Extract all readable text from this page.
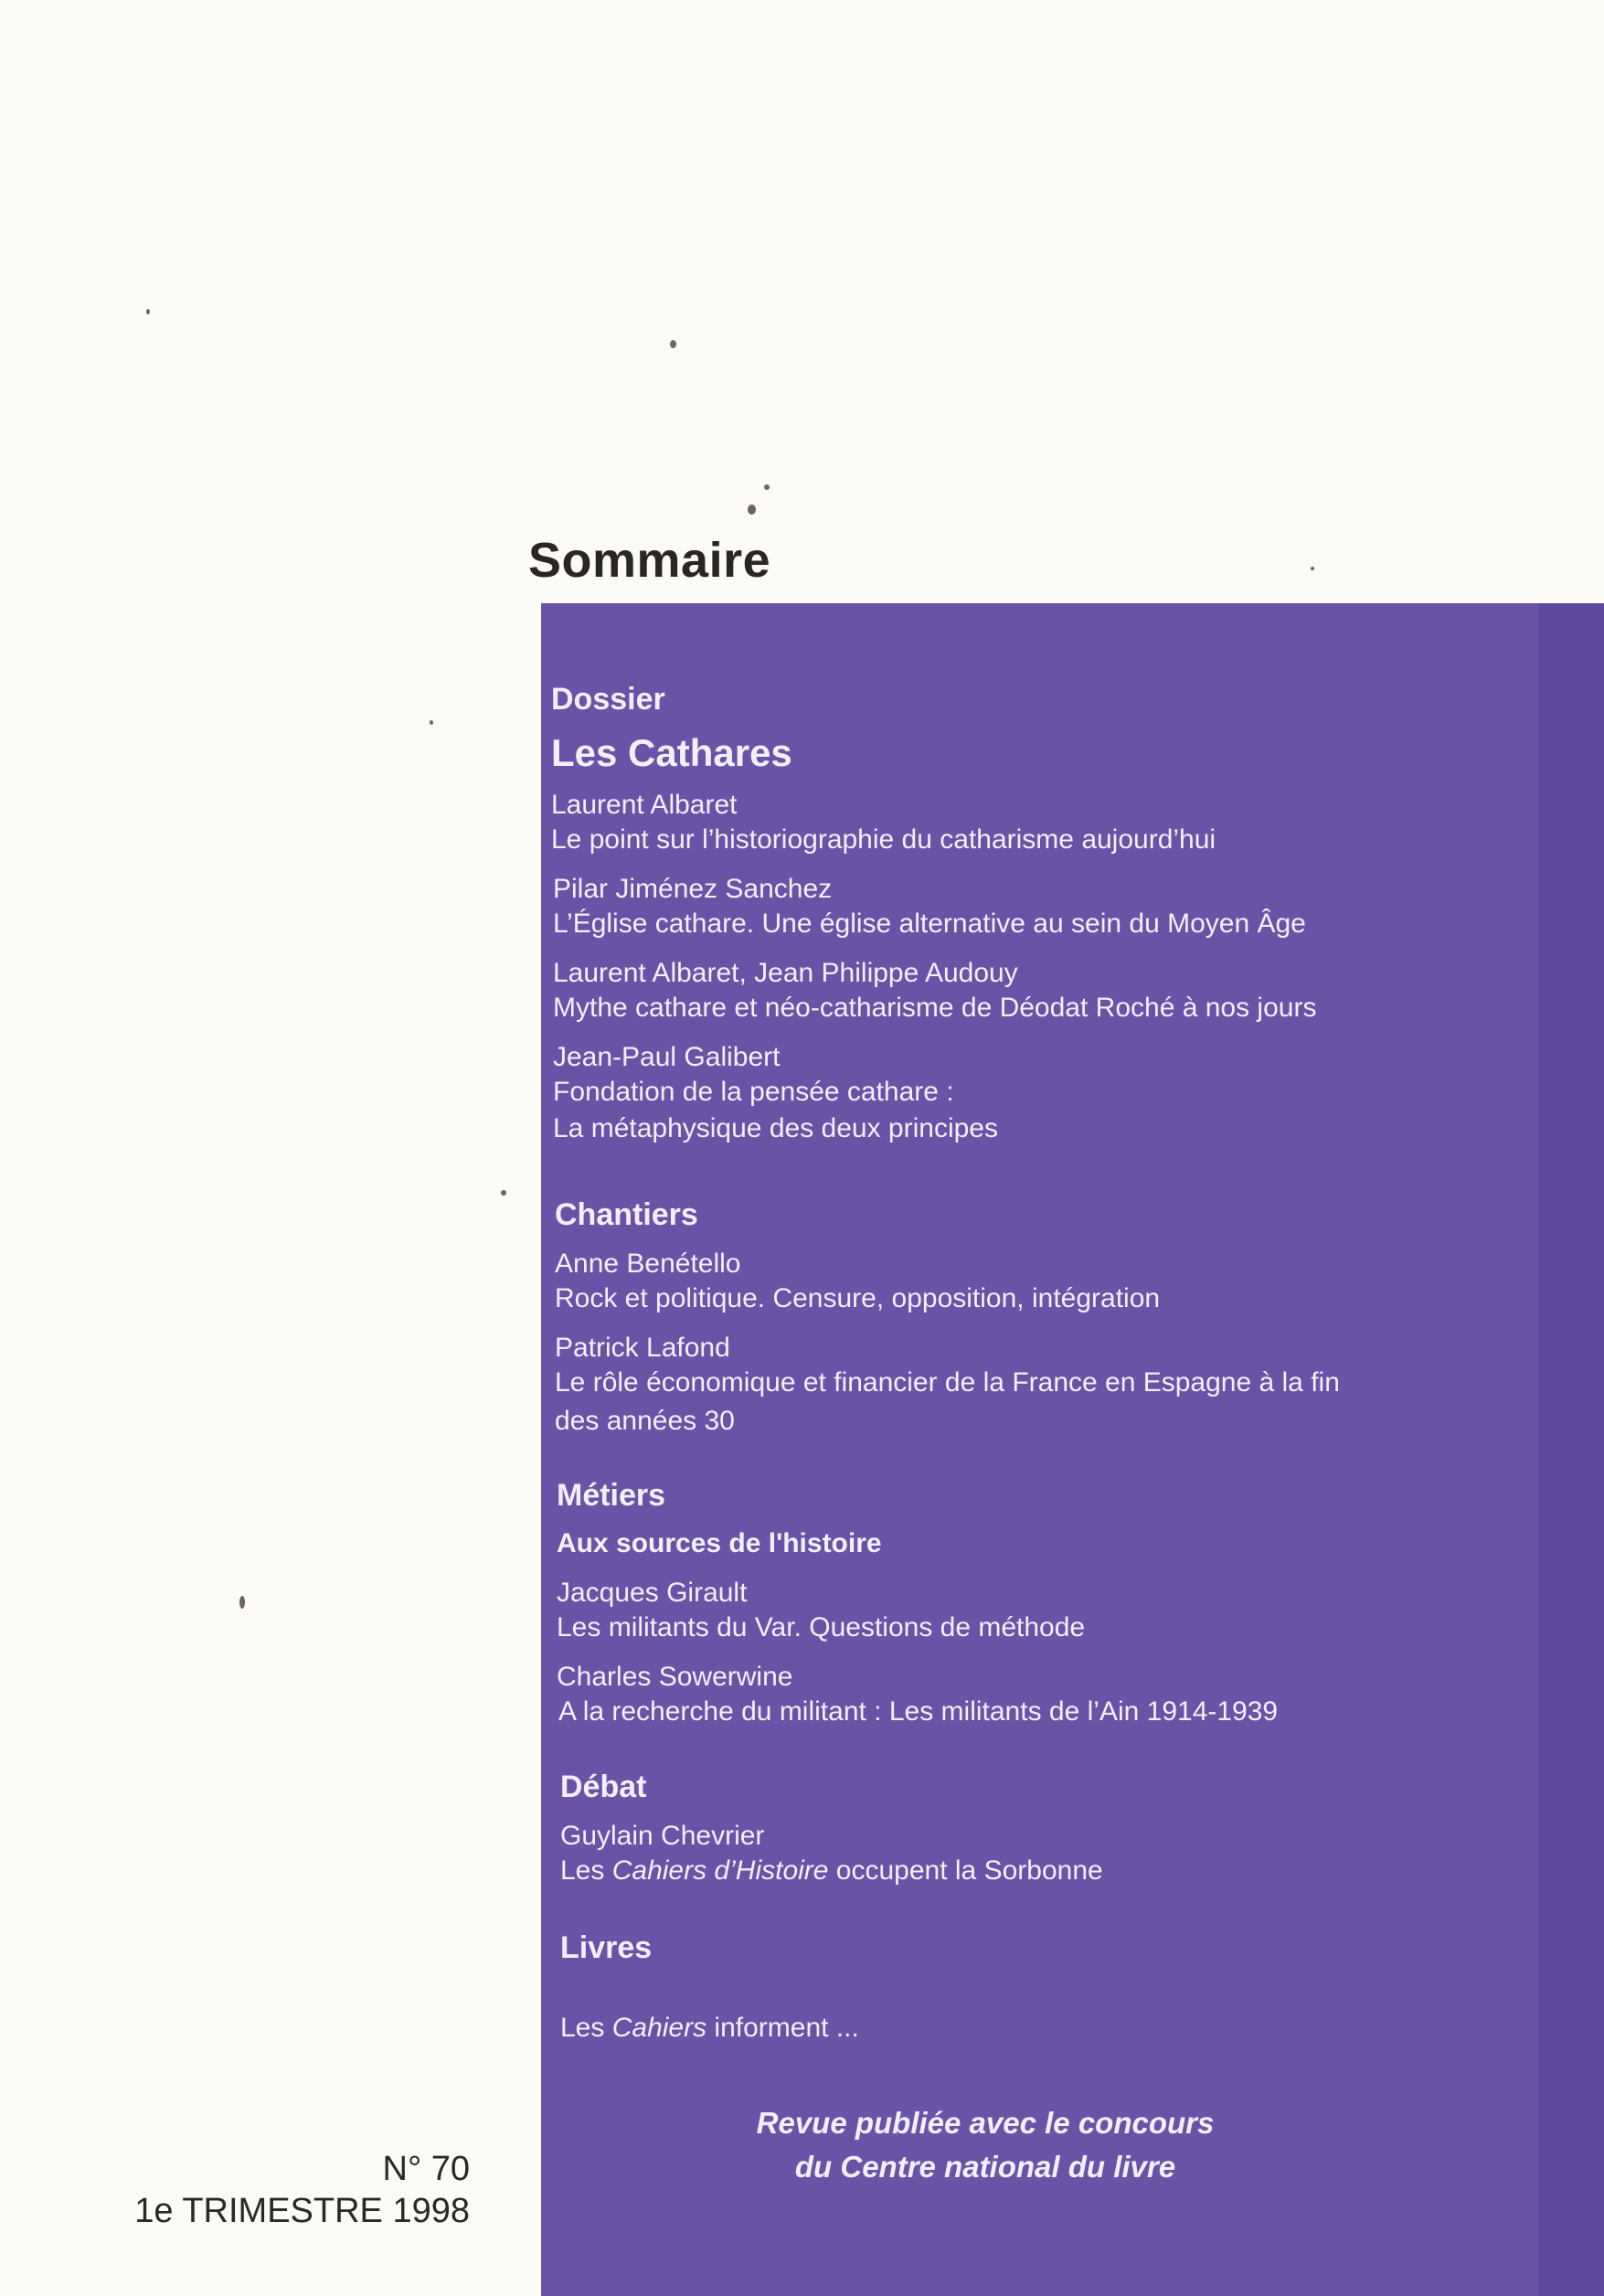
Sommaire
Dossier
Les Cathares
Laurent Albaret
Le point sur l’historiographie du catharisme aujourd’hui
Pilar Jiménez Sanchez
L’Église cathare. Une église alternative au sein du Moyen Âge
Laurent Albaret, Jean Philippe Audouy
Mythe cathare et néo-catharisme de Déodat Roché à nos jours
Jean-Paul Galibert
Fondation de la pensée cathare :
La métaphysique des deux principes
Chantiers
Anne Benétello
Rock et politique. Censure, opposition, intégration
Patrick Lafond
Le rôle économique et financier de la France en Espagne à la fin
des années 30
Métiers
Aux sources de l'histoire
Jacques Girault
Les militants du Var. Questions de méthode
Charles Sowerwine
A la recherche du militant : Les militants de l’Ain 1914-1939
Débat
Guylain Chevrier
Les Cahiers d’Histoire occupent la Sorbonne
Livres
Les Cahiers informent ...
Revue publiée avec le concours
du Centre national du livre
N° 70
1e TRIMESTRE 1998
